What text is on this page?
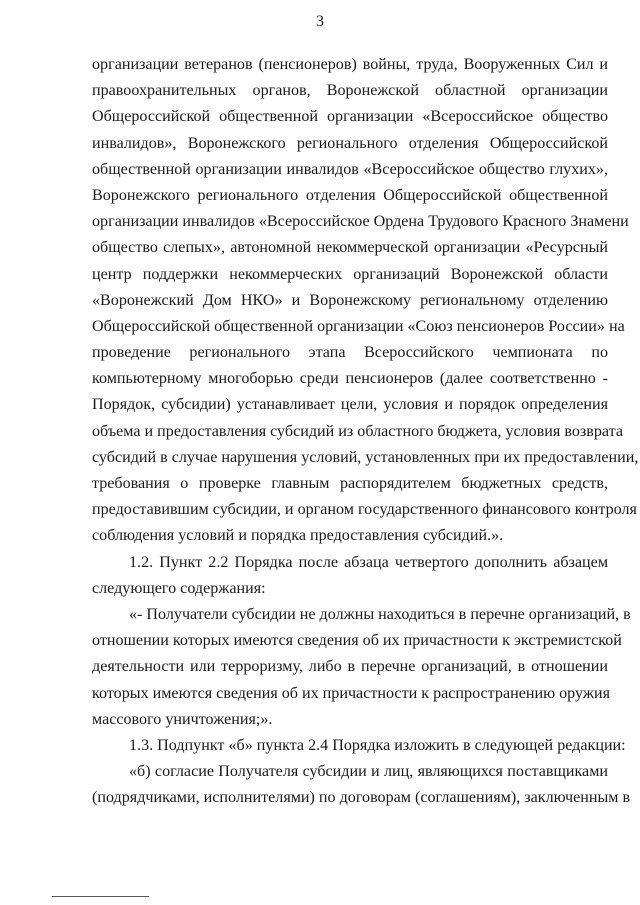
3
организации ветеранов (пенсионеров) войны, труда, Вооруженных Сил и
правоохранительных органов, Воронежской областной организации
Общероссийской общественной организации «Всероссийское общество
инвалидов», Воронежского регионального отделения Общероссийской
общественной организации инвалидов «Всероссийское общество глухих»,
Воронежского регионального отделения Общероссийской общественной
организации инвалидов «Всероссийское Ордена Трудового Красного Знамени
общество слепых», автономной некоммерческой организации «Ресурсный
центр поддержки некоммерческих организаций Воронежской области
«Воронежский Дом НКО» и Воронежскому региональному отделению
Общероссийской общественной организации «Союз пенсионеров России» на
проведение регионального этапа Всероссийского чемпионата по
компьютерному многоборью среди пенсионеров (далее соответственно -
Порядок, субсидии) устанавливает цели, условия и порядок определения
объема и предоставления субсидий из областного бюджета, условия возврата
субсидий в случае нарушения условий, установленных при их предоставлении,
требования о проверке главным распорядителем бюджетных средств,
предоставившим субсидии, и органом государственного финансового контроля
соблюдения условий и порядка предоставления субсидий.».
1.2. Пункт 2.2 Порядка после абзаца четвертого дополнить абзацем
следующего содержания:
«- Получатели субсидии не должны находиться в перечне организаций, в
отношении которых имеются сведения об их причастности к экстремистской
деятельности или терроризму, либо в перечне организаций, в отношении
которых имеются сведения об их причастности к распространению оружия
массового уничтожения;».
1.3. Подпункт «б» пункта 2.4 Порядка изложить в следующей редакции:
«б) согласие Получателя субсидии и лиц, являющихся поставщиками
(подрядчиками, исполнителями) по договорам (соглашениям), заключенным в
